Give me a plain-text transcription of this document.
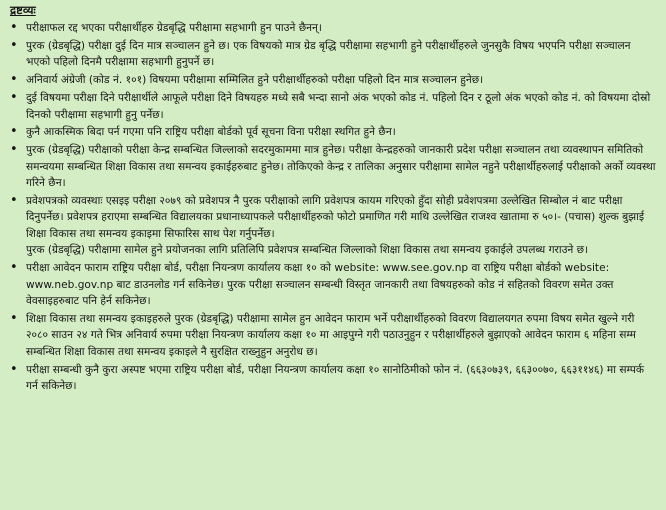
द्रष्टव्यः

• परीक्षाफल रद्द भएका परीक्षार्थीहरु ग्रेडबृद्धि परीक्षामा सहभागी हुन पाउने छैनन्।

• पुरक (ग्रेडबृद्धि) परीक्षा दुई दिन मात्र सञ्चालन हुने छ। एक विषयको मात्र ग्रेड बृद्धि परीक्षामा सहभागी हुने परीक्षार्थीहरुले जुनसुकै विषय भएपनि परीक्षा सञ्चालन भएको पहिलो दिनमै परीक्षामा सहभागी हुनुपर्ने छ।

• अनिवार्य अंग्रेजी (कोड नं. १०१) विषयमा परीक्षामा सम्मिलित हुने परीक्षार्थीहरुको परीक्षा पहिलो दिन मात्र सञ्चालन हुनेछ।

• दुई विषयमा परीक्षा दिने परीक्षार्थीले आफूले परीक्षा दिने विषयहरु मध्ये सबै भन्दा सानो अंक भएको कोड नं. पहिलो दिन र ठूलो अंक भएको कोड नं. को विषयमा दोस्रो दिनको परीक्षामा सहभागी हुनु पर्नेछ।

• कुनै आकस्मिक बिदा पर्न गएमा पनि राष्ट्रिय परीक्षा बोर्डको पूर्व सूचना विना परीक्षा स्थगित हुने छैन।

• पुरक (ग्रेडबृद्धि) परीक्षाको परीक्षा केन्द्र सम्बन्धित जिल्लाको सदरमुकाममा मात्र हुनेछ। परीक्षा केन्द्रहरुको जानकारी प्रदेश परीक्षा सञ्चालन तथा व्यवस्थापन समितिको समन्वयमा सम्बन्धित शिक्षा विकास तथा समन्वय इकाईहरुबाट हुनेछ। तोकिएको केन्द्र र तालिका अनुसार परीक्षामा सामेल नहुने परीक्षार्थीहरुलाई परीक्षाको अर्को व्यवस्था गरिने छैन।

• प्रवेशपत्रको व्यवस्थाः एसइइ परीक्षा २०७९ को प्रवेशपत्र नै पुरक परीक्षाको लागि प्रवेशपत्र कायम गरिएको हुँदा सोही प्रवेशपत्रमा उल्लेखित सिम्बोल नं बाट परीक्षा दिनुपर्नेछ। प्रवेशपत्र हराएमा सम्बन्धित विद्यालयका प्रधानाध्यापकले परीक्षार्थीहरुको फोटो प्रमाणित गरी माथि उल्लेखित राजश्व खातामा रु ५०।- (पचास) शुल्क बुझाई शिक्षा विकास तथा समन्वय इकाइमा सिफारिस साथ पेश गर्नुपर्नेछ।

पुरक (ग्रेडबृद्धि) परीक्षामा सामेल हुने प्रयोजनका लागि प्रतिलिपि प्रवेशपत्र सम्बन्धित जिल्लाको शिक्षा विकास तथा समन्वय इकाईले उपलब्ध गराउने छ।

• परीक्षा आवेदन फाराम राष्ट्रिय परीक्षा बोर्ड, परीक्षा नियन्त्रण कार्यालय कक्षा १० को website: www.see.gov.np वा राष्ट्रिय परीक्षा बोर्डको website: www.neb.gov.np बाट डाउनलोड गर्न सकिनेछ। पुरक परीक्षा सञ्चालन सम्बन्धी विस्तृत जानकारी तथा विषयहरुको कोड नं सहितको विवरण समेत उक्त वेवसाइहरुबाट पनि हेर्न सकिनेछ।

• शिक्षा विकास तथा समन्वय इकाइहरुले पुरक (ग्रेडबृद्धि) परीक्षामा सामेल हुन आवेदन फाराम भर्ने परीक्षार्थीहरुको विवरण विद्यालयगत रुपमा विषय समेत खुल्ने गरी २०८० साउन २४ गते भित्र अनिवार्य रुपमा परीक्षा नियन्त्रण कार्यालय कक्षा १० मा आइपुग्ने गरी पठाउनुहुन र परीक्षार्थीहरुले बुझाएको आवेदन फाराम ६ महिना सम्म सम्बन्धित शिक्षा विकास तथा समन्वय इकाइले नै सुरक्षित राख्नुहुन अनुरोध छ।

• परीक्षा सम्बन्धी कुनै कुरा अस्पष्ट भएमा राष्ट्रिय परीक्षा बोर्ड, परीक्षा नियन्त्रण कार्यालय कक्षा १० सानोठिमीको फोन नं. (६६३०७३९, ६६३००७०, ६६३११४६) मा सम्पर्क गर्न सकिनेछ।
